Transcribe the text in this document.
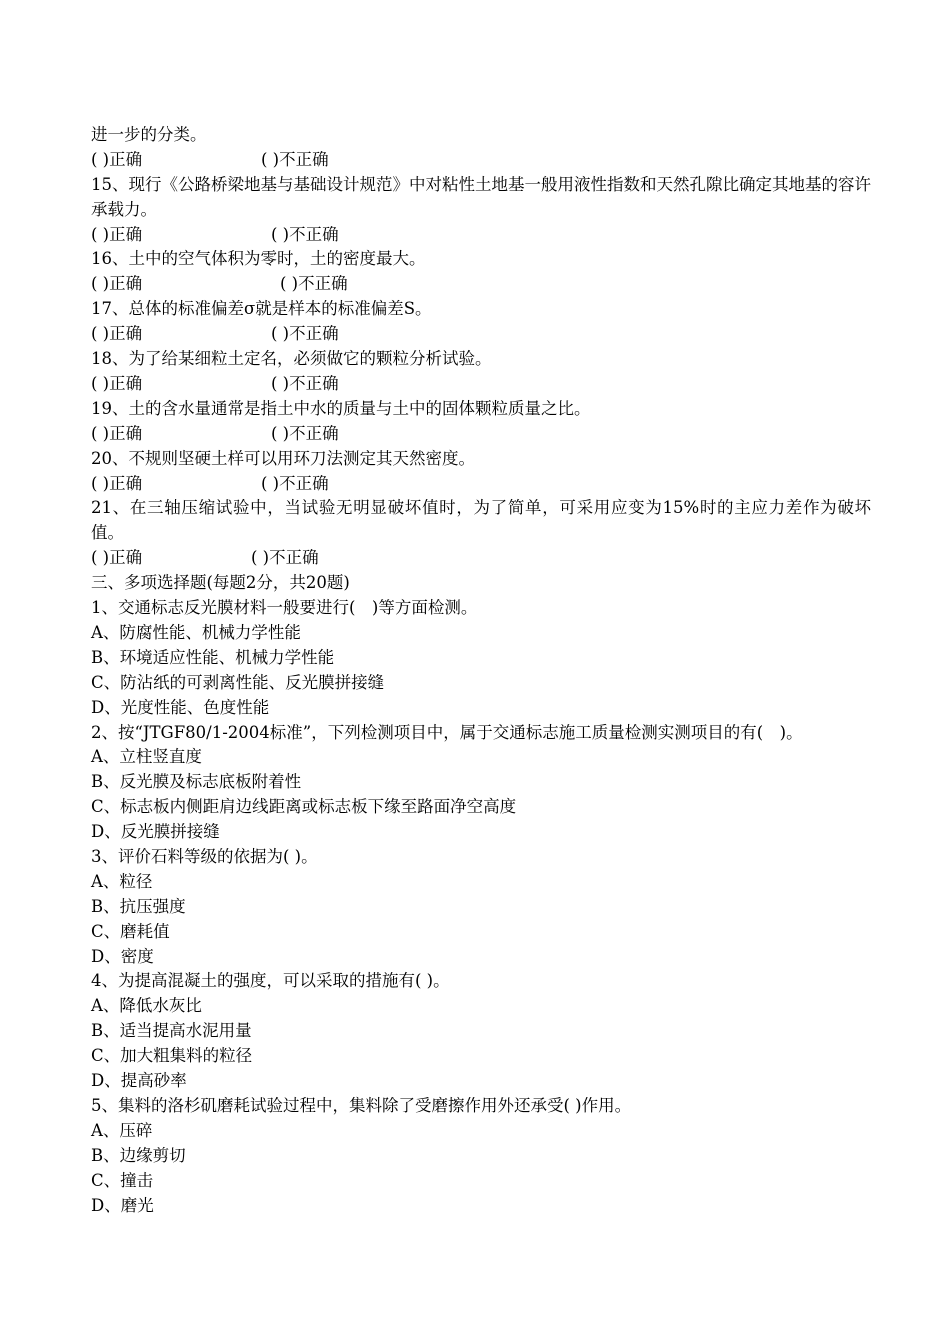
进一步的分类。
( )正确	( )不正确
15、现行《公路桥梁地基与基础设计规范》中对粘性土地基一般用液性指数和天然孔隙比确定其地基的容许承载力。
( )正确	( )不正确
16、土中的空气体积为零时，土的密度最大。
( )正确	( )不正确
17、总体的标准偏差σ就是样本的标准偏差S。
( )正确	( )不正确
18、为了给某细粒土定名，必须做它的颗粒分析试验。
( )正确	( )不正确
19、土的含水量通常是指土中水的质量与土中的固体颗粒质量之比。
( )正确	( )不正确
20、不规则坚硬土样可以用环刀法测定其天然密度。
( )正确	( )不正确
21、在三轴压缩试验中，当试验无明显破坏值时，为了简单，可采用应变为15%时的主应力差作为破坏值。
( )正确	( )不正确
三、多项选择题(每题2分，共20题)
1、交通标志反光膜材料一般要进行(　)等方面检测。
A、防腐性能、机械力学性能
B、环境适应性能、机械力学性能
C、防沾纸的可剥离性能、反光膜拼接缝
D、光度性能、色度性能
2、按“JTGF80/1-2004标准”，下列检测项目中，属于交通标志施工质量检测实测项目的有(　)。
A、立柱竖直度
B、反光膜及标志底板附着性
C、标志板内侧距肩边线距离或标志板下缘至路面净空高度
D、反光膜拼接缝
3、评价石料等级的依据为( )。
A、粒径
B、抗压强度
C、磨耗值
D、密度
4、为提高混凝土的强度，可以采取的措施有( )。
A、降低水灰比
B、适当提高水泥用量
C、加大粗集料的粒径
D、提高砂率
5、集料的洛杉矶磨耗试验过程中，集料除了受磨擦作用外还承受( )作用。
A、压碎
B、边缘剪切
C、撞击
D、磨光
